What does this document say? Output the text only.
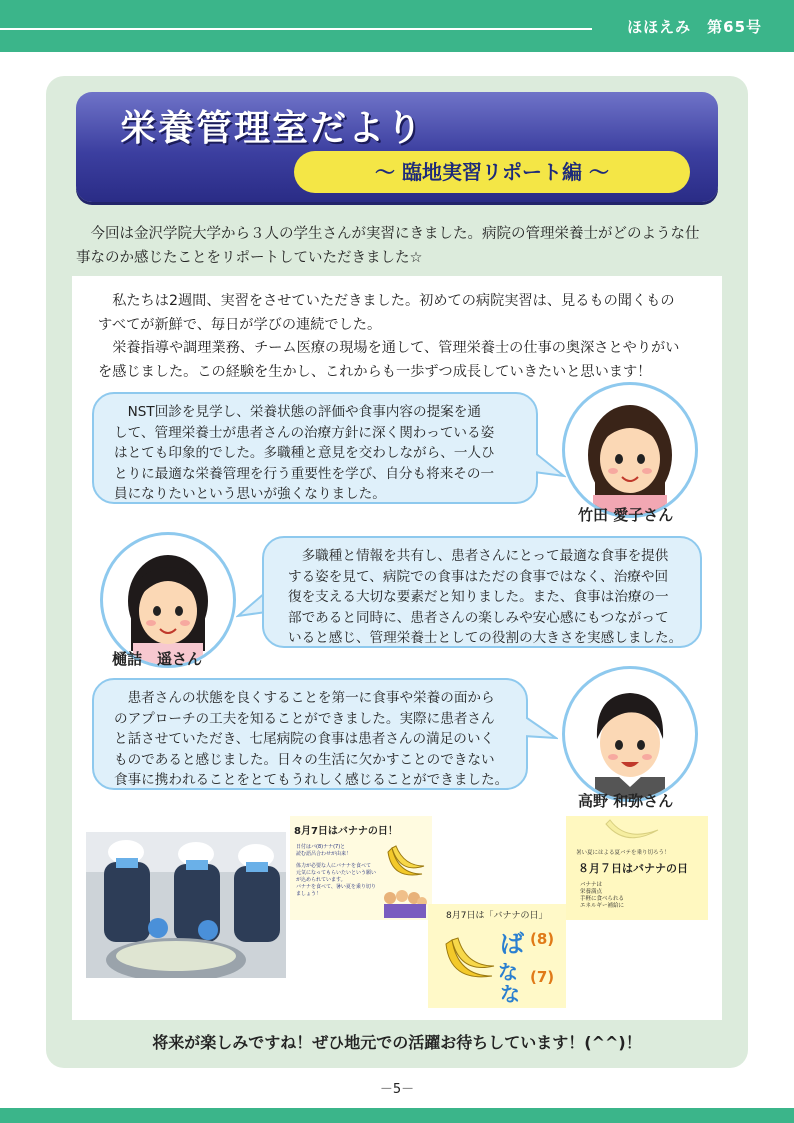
ほほえみ　第65号
栄養管理室だより
～ 臨地実習リポート編 ～
　今回は金沢学院大学から３人の学生さんが実習にきました。病院の管理栄養士がどのような仕
事なのか感じたことをリポートしていただきました☆
　私たちは2週間、実習をさせていただきました。初めての病院実習は、見るもの聞くもの
すべてが新鮮で、毎日が学びの連続でした。
　栄養指導や調理業務、チーム医療の現場を通して、管理栄養士の仕事の奥深さとやりがい
を感じました。この経験を生かし、これからも一歩ずつ成長していきたいと思います！
　NST回診を見学し、栄養状態の評価や食事内容の提案を通
して、管理栄養士が患者さんの治療方針に深く関わっている姿
はとても印象的でした。多職種と意見を交わしながら、一人ひ
とりに最適な栄養管理を行う重要性を学び、自分も将来その一
員になりたいという思いが強くなりました。
竹田 愛子さん
樋詰　遥さん
　多職種と情報を共有し、患者さんにとって最適な食事を提供
する姿を見て、病院での食事はただの食事ではなく、治療や回
復を支える大切な要素だと知りました。また、食事は治療の一
部であると同時に、患者さんの楽しみや安心感にもつながって
いると感じ、管理栄養士としての役割の大きさを実感しました。
　患者さんの状態を良くすることを第一に食事や栄養の面から
のアプローチの工夫を知ることができました。実際に患者さん
と話させていただき、七尾病院の食事は患者さんの満足のいく
ものであると感じました。日々の生活に欠かすことのできない
食事に携われることをとてもうれしく感じることができました。
高野 和弥さん
8月7日はバナナの日！
日付はバ(8)ナナ(7)と
読む語呂合わせが由来！
体力が必要な人にバナナを食べて
元気になってもらいたいという願い
が込められています。
バナナを食べて、暑い夏を乗り切り
ましょう！
8月7日は「バナナの日」
ば
な
な
(8)
(7)
暑い夏にはよる夏バテを乗り切ろう！
８月７日はバナナの日
バナナは
栄養満点
手軽に食べられる
エネルギー補給に
将来が楽しみですね！ぜひ地元での活躍お待ちしています！(^^)！
－5－
